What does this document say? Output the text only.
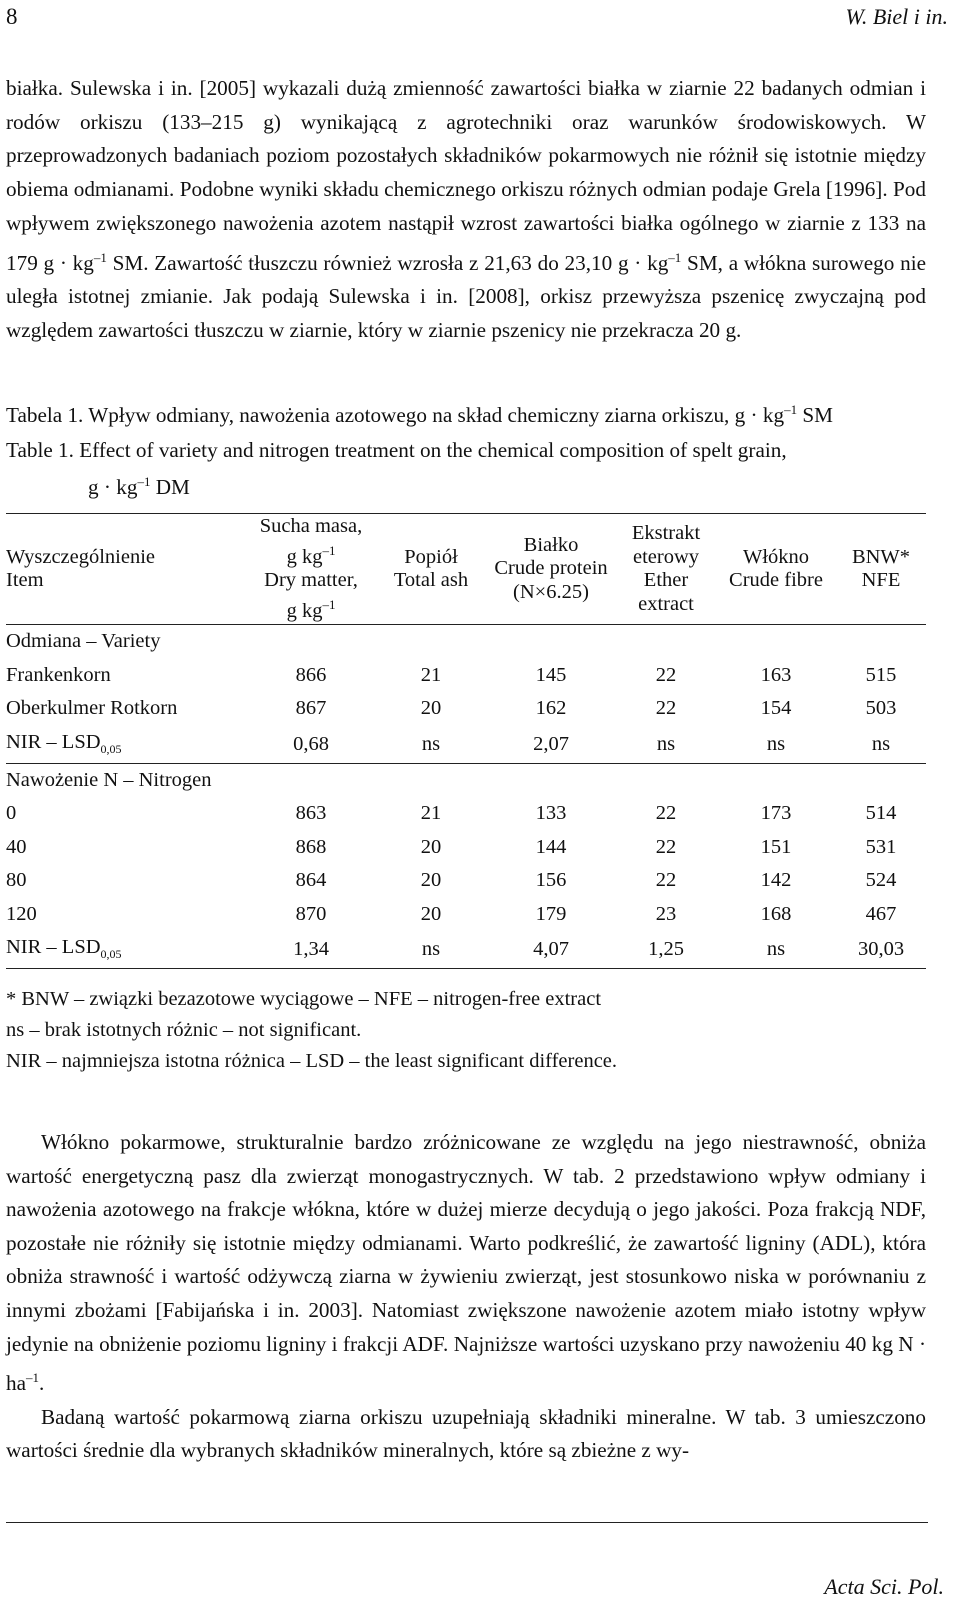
8	W. Biel i in.

białka. Sulewska i in. [2005] wykazali dużą zmienność zawartości białka w ziarnie 22 badanych odmian i rodów orkiszu (133–215 g) wynikającą z agrotechniki oraz warunków środowiskowych. W przeprowadzonych badaniach poziom pozostałych składników pokarmowych nie różnił się istotnie między obiema odmianami. Podobne wyniki składu chemicznego orkiszu różnych odmian podaje Grela [1996]. Pod wpływem zwiększonego nawożenia azotem nastąpił wzrost zawartości białka ogólnego w ziarnie z 133 na 179 $g \cdot kg^{-1}$ SM. Zawartość tłuszczu również wzrosła z 21,63 do 23,10 $g \cdot kg^{-1}$ SM, a włókna surowego nie uległa istotnej zmianie. Jak podają Sulewska i in. [2008], orkisz przewyższa pszenicę zwyczajną pod względem zawartości tłuszczu w ziarnie, który w ziarnie pszenicy nie przekracza 20 g.

Tabela 1. Wpływ odmiany, nawożenia azotowego na skład chemiczny ziarna orkiszu, $g \cdot kg^{-1}$ SM

Table 1. Effect of variety and nitrogen treatment on the chemical composition of spelt grain,
$g \cdot kg^{-1}$ DM

Wyszczególnienie
Item	Sucha masa,
g $kg^{-1}$
Dry matter,
g $kg^{-1}$	Popiół
Total ash	Białko
Crude protein
(N×6.25)	Ekstrakt
eterowy
Ether
extract	Włókno
Crude fibre	BNW*
NFE
Odmiana – Variety						
Frankenkorn	866	21	145	22	163	515
Oberkulmer Rotkorn	867	20	162	22	154	503
NIR – $LSD_{0,05}$	0,68	ns	2,07	ns	ns	ns
Nawożenie N – Nitrogen						
0	863	21	133	22	173	514
40	868	20	144	22	151	531
80	864	20	156	22	142	524
120	870	20	179	23	168	467
NIR – $LSD_{0,05}$	1,34	ns	4,07	1,25	ns	30,03
* BNW – związki bezazotowe wyciągowe – NFE – nitrogen-free extract
ns – brak istotnych różnic – not significant.
NIR – najmniejsza istotna różnica – LSD – the least significant difference.

Włókno pokarmowe, strukturalnie bardzo zróżnicowane ze względu na jego niestrawność, obniża wartość energetyczną pasz dla zwierząt monogastrycznych. W tab. 2 przedstawiono wpływ odmiany i nawożenia azotowego na frakcje włókna, które w dużej mierze decydują o jego jakości. Poza frakcją NDF, pozostałe nie różniły się istotnie między odmianami. Warto podkreślić, że zawartość ligniny (ADL), która obniża strawność i wartość odżywczą ziarna w żywieniu zwierząt, jest stosunkowo niska w porównaniu z innymi zbożami [Fabijańska i in. 2003]. Natomiast zwiększone nawożenie azotem miało istotny wpływ jedynie na obniżenie poziomu ligniny i frakcji ADF. Najniższe wartości uzyskano przy nawożeniu 40 kg $N \cdot ha^{-1}$.

Badaną wartość pokarmową ziarna orkiszu uzupełniają składniki mineralne. W tab. 3 umieszczono wartości średnie dla wybranych składników mineralnych, które są zbieżne z wy-

Acta Sci. Pol.
